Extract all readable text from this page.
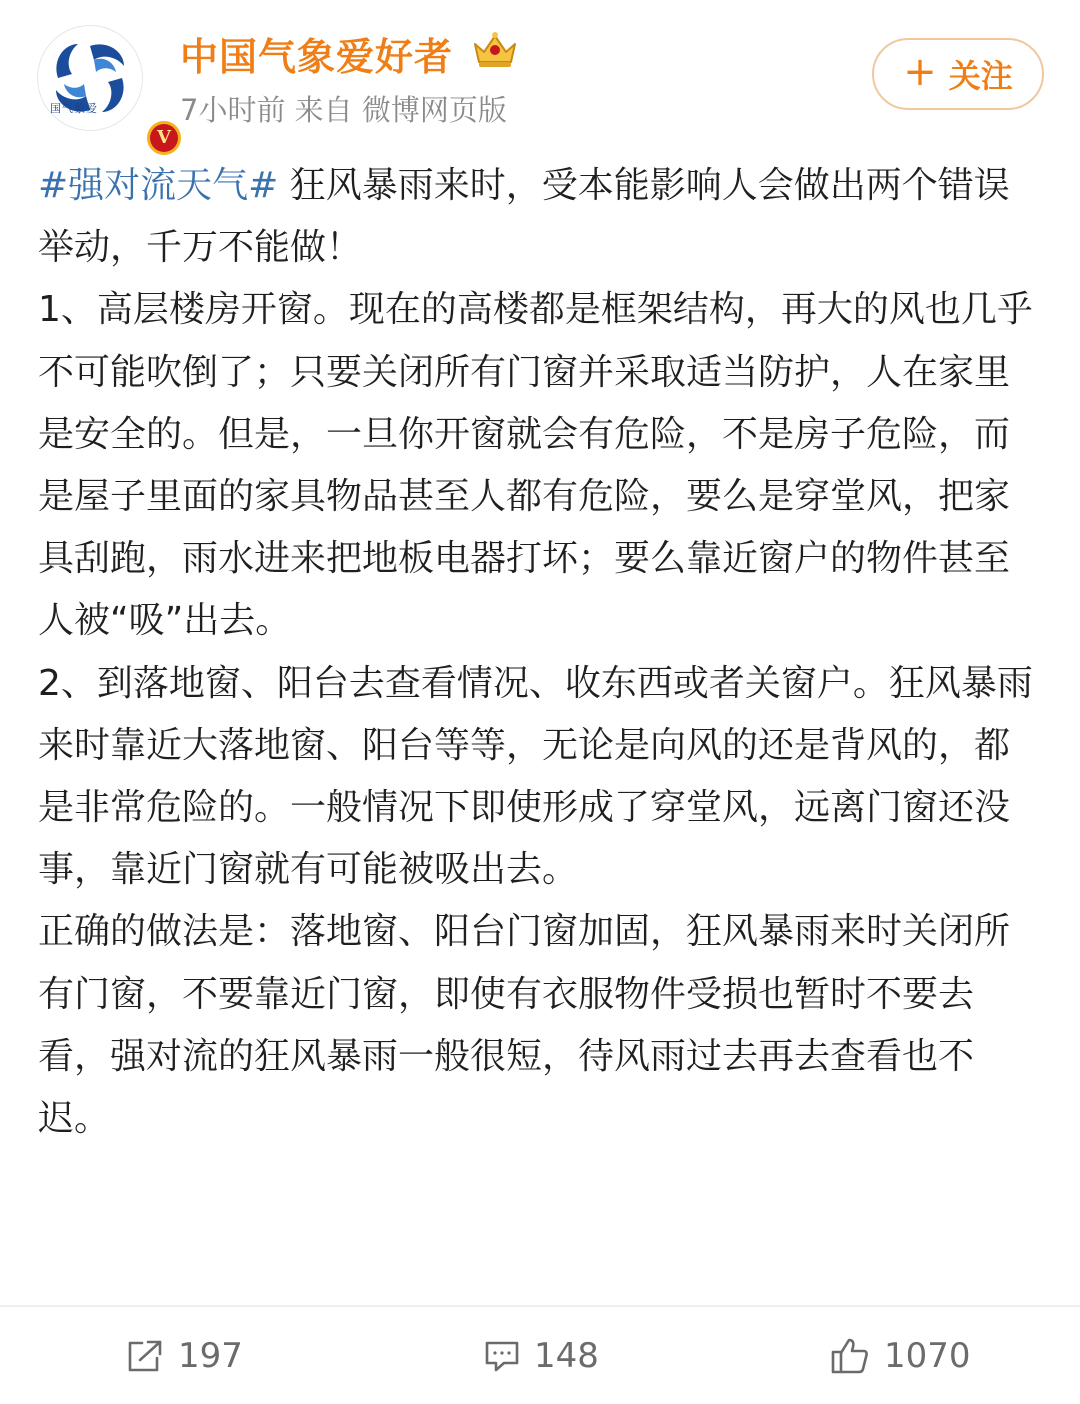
国气象爱
V
中国气象爱好者
7小时前 来自 微博网页版
+ 关注

#强对流天气# 狂风暴雨来时，受本能影响人会做出两个错误举动，千万不能做！

1、高层楼房开窗。现在的高楼都是框架结构，再大的风也几乎不可能吹倒了；只要关闭所有门窗并采取适当防护，人在家里是安全的。但是，一旦你开窗就会有危险，不是房子危险，而是屋子里面的家具物品甚至人都有危险，要么是穿堂风，把家具刮跑，雨水进来把地板电器打坏；要么靠近窗户的物件甚至人被“吸”出去。

2、到落地窗、阳台去查看情况、收东西或者关窗户。狂风暴雨来时靠近大落地窗、阳台等等，无论是向风的还是背风的，都是非常危险的。一般情况下即使形成了穿堂风，远离门窗还没事，靠近门窗就有可能被吸出去。

正确的做法是：落地窗、阳台门窗加固，狂风暴雨来时关闭所有门窗，不要靠近门窗，即使有衣服物件受损也暂时不要去看，强对流的狂风暴雨一般很短，待风雨过去再去查看也不迟。

197	148	1070
